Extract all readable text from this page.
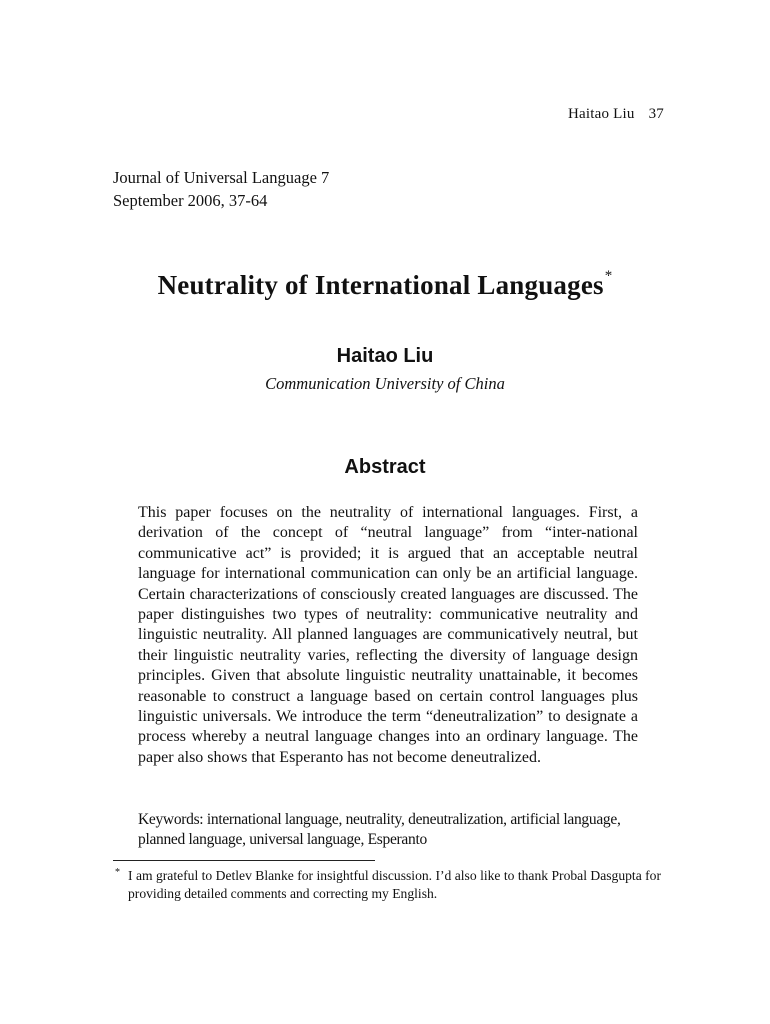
Haitao Liu 37
Journal of Universal Language 7
September 2006, 37-64
Neutrality of International Languages*
Haitao Liu
Communication University of China
Abstract
This paper focuses on the neutrality of international languages. First, a derivation of the concept of “neutral language” from “inter-national communicative act” is provided; it is argued that an acceptable neutral language for international communication can only be an artificial language. Certain characterizations of consciously created languages are discussed. The paper distinguishes two types of neutrality: communicative neutrality and linguistic neutrality. All planned languages are communicatively neutral, but their linguistic neutrality varies, reflecting the diversity of language design principles. Given that absolute linguistic neutrality unattainable, it becomes reasonable to construct a language based on certain control languages plus linguistic universals. We introduce the term “deneutralization” to designate a process whereby a neutral language changes into an ordinary language. The paper also shows that Esperanto has not become deneutralized.
Keywords: international language, neutrality, deneutralization, artificial language, planned language, universal language, Esperanto
* I am grateful to Detlev Blanke for insightful discussion. I’d also like to thank Probal Dasgupta for providing detailed comments and correcting my English.
